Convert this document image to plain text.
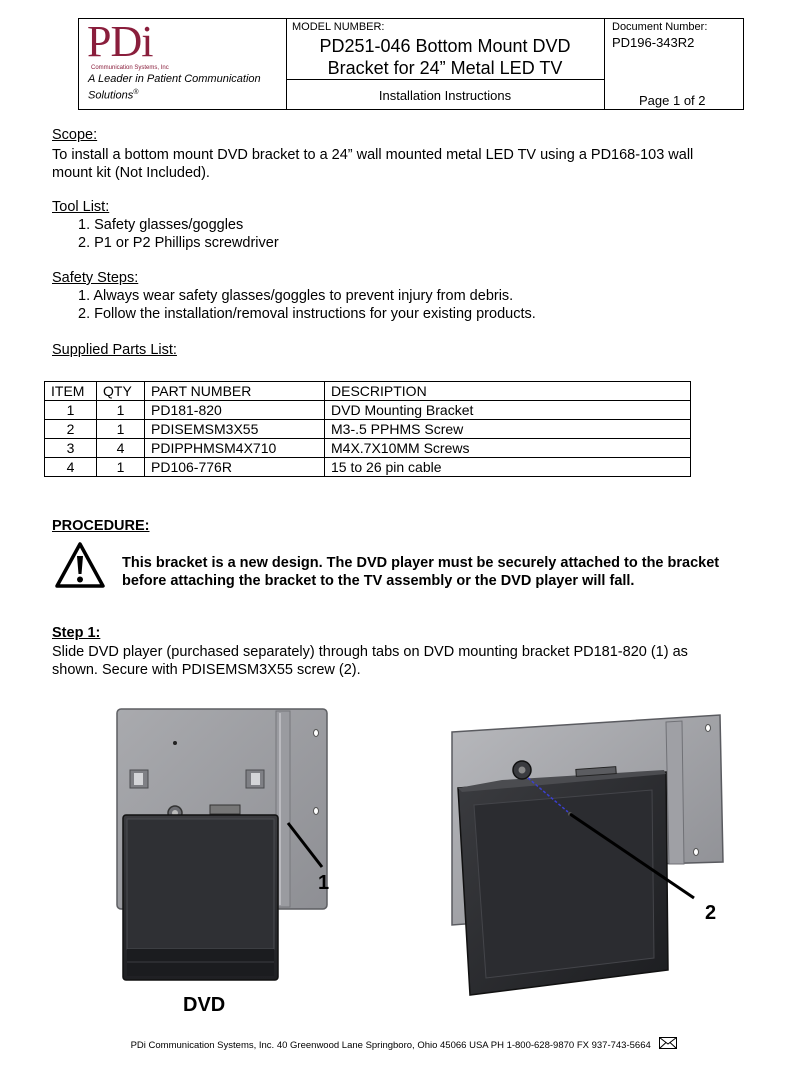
PDi
Communication Systems, Inc
A Leader in Patient Communication Solutions®
MODEL NUMBER:
PD251-046 Bottom Mount DVD
Bracket for 24” Metal LED TV
Installation Instructions
Document Number:
PD196-343R2
Page 1 of 2
Scope:
To install a bottom mount DVD bracket to a 24” wall mounted metal LED TV using a PD168-103 wall
mount kit (Not Included).
Tool List:
1. Safety glasses/goggles
2. P1 or P2 Phillips screwdriver
Safety Steps:
1. Always wear safety glasses/goggles to prevent injury from debris.
2. Follow the installation/removal instructions for your existing products.
Supplied Parts List:
ITEM	QTY	PART NUMBER	DESCRIPTION
1	1	PD181-820	DVD Mounting Bracket
2	1	PDISEMSM3X55	M3-.5 PPHMS Screw
3	4	PDIPPHMSM4X710	M4X.7X10MM Screws
4	1	PD106-776R	15 to 26 pin cable
PROCEDURE:
This bracket is a new design. The DVD player must be securely attached to the bracket
before attaching the bracket to the TV assembly or the DVD player will fall.
Step 1:
Slide DVD player (purchased separately) through tabs on DVD mounting bracket PD181-820 (1) as
shown. Secure with PDISEMSM3X55 screw (2).
1
DVD
2
PDi Communication Systems, Inc. 40 Greenwood Lane Springboro, Ohio 45066 USA PH 1-800-628-9870 FX 937-743-5664
